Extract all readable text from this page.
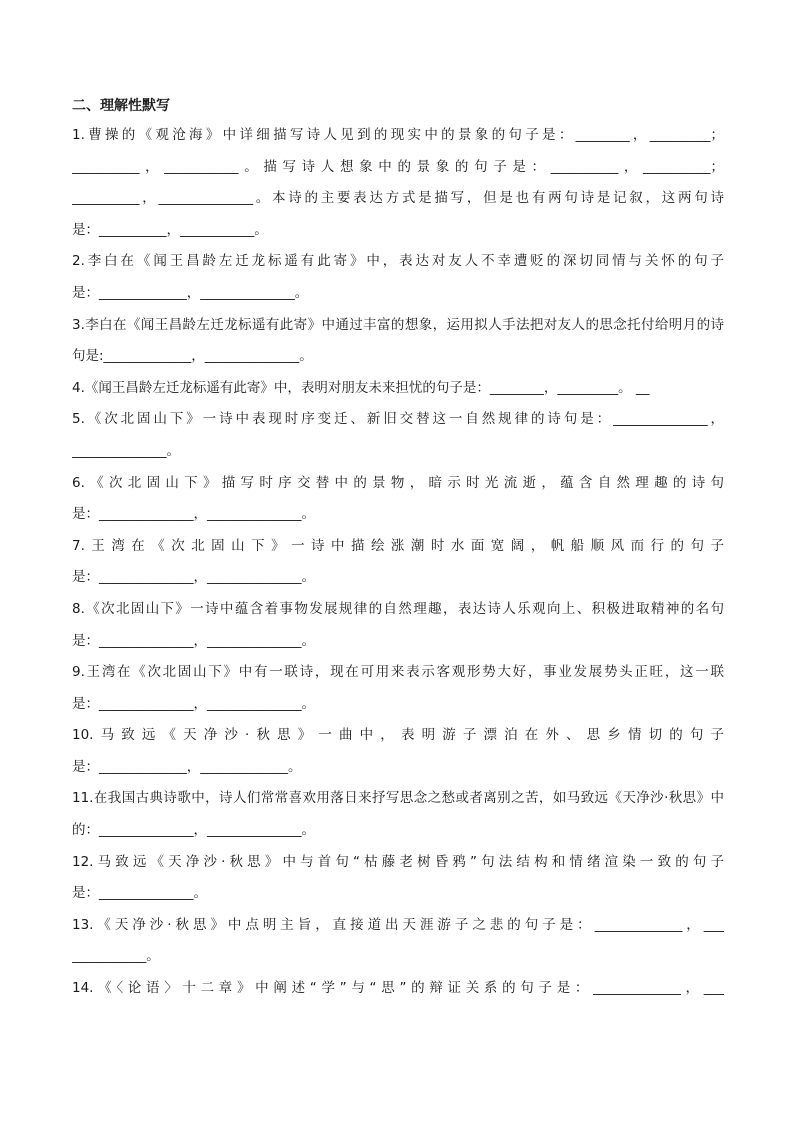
二、理解性默写
1.曹操的《观沧海》中详细描写诗人见到的现实中的景象的句子是：________，_________；
__________，___________。描写诗人想象中的景象的句子是：__________，__________；
__________，______________。本诗的主要表达方式是描写，但是也有两句诗是记叙，这两句诗
是：__________，___________。
2.李白在《闻王昌龄左迁龙标遥有此寄》中，表达对友人不幸遭贬的深切同情与关怀的句子
是：_____________，______________。
3.李白在《闻王昌龄左迁龙标遥有此寄》中通过丰富的想象，运用拟人手法把对友人的思念托付给明月的诗
句是:_____________，______________。
4.《闻王昌龄左迁龙标遥有此寄》中，表明对朋友未来担忧的句子是：________，_________。 __
5.《次北固山下》一诗中表现时序变迁、新旧交替这一自然规律的诗句是：______________，
______________。
6.《次北固山下》描写时序交替中的景物，暗示时光流逝，蕴含自然理趣的诗句
是：______________，______________。
7.王湾在《次北固山下》一诗中描绘涨潮时水面宽阔，帆船顺风而行的句子
是：______________，______________。
8.《次北固山下》一诗中蕴含着事物发展规律的自然理趣，表达诗人乐观向上、积极进取精神的名句
是：______________，______________。
9.王湾在《次北固山下》中有一联诗，现在可用来表示客观形势大好，事业发展势头正旺，这一联
是：______________，______________。
10.马致远《天净沙·秋思》一曲中，表明游子漂泊在外、思乡情切的句子
是：_____________，_____________。
11.在我国古典诗歌中，诗人们常常喜欢用落日来抒写思念之愁或者离别之苦，如马致远《天净沙·秋思》中
的：______________，______________。
12.马致远《天净沙·秋思》中与首句“枯藤老树昏鸦”句法结构和情绪渲染一致的句子
是：______________。
13.《天净沙·秋思》中点明主旨，直接道出天涯游子之悲的句子是：_____________，___
___________。
14.《〈论语〉十二章》中阐述“学”与“思”的辩证关系的句子是：_____________，___
